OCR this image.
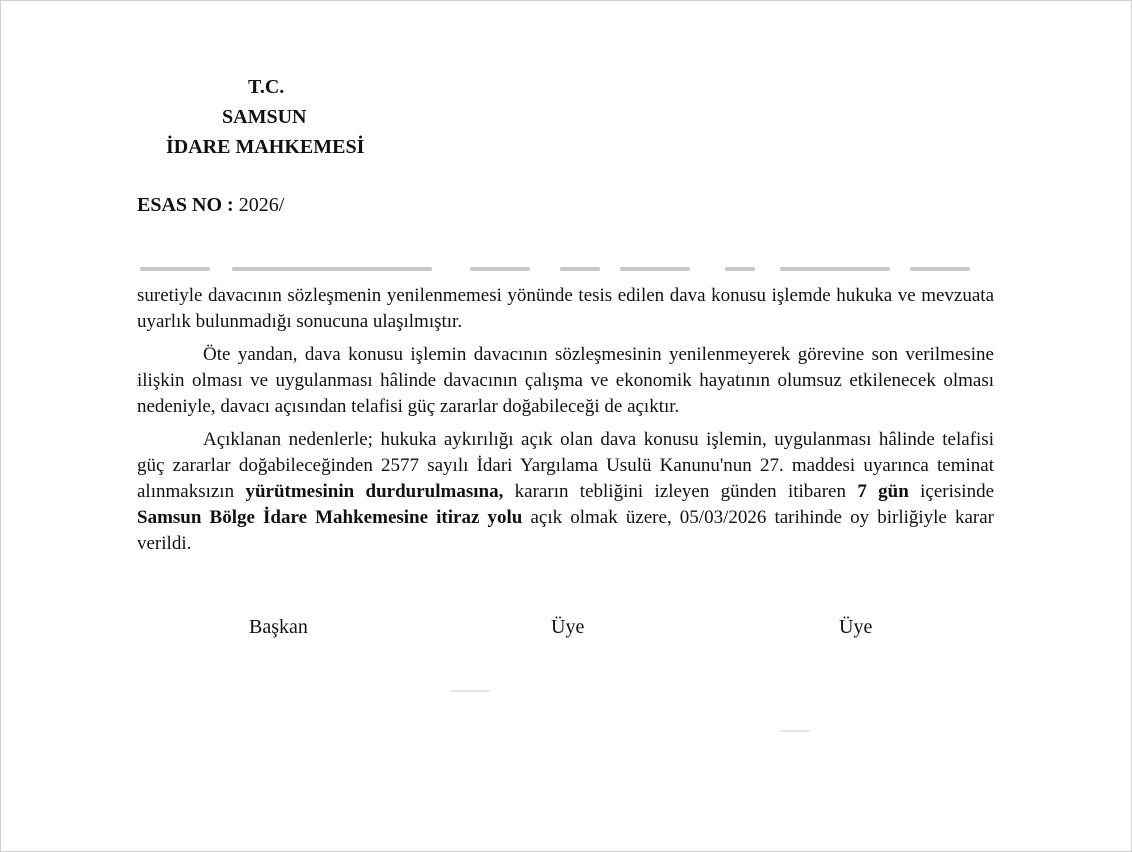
T.C.
SAMSUN
İDARE MAHKEMESİ
ESAS NO : 2026/

suretiyle davacının sözleşmenin yenilenmemesi yönünde tesis edilen dava konusu işlemde hukuka ve mevzuata uyarlık bulunmadığı sonucuna ulaşılmıştır.

Öte yandan, dava konusu işlemin davacının sözleşmesinin yenilenmeyerek görevine son verilmesine ilişkin olması ve uygulanması hâlinde davacının çalışma ve ekonomik hayatının olumsuz etkilenecek olması nedeniyle, davacı açısından telafisi güç zararlar doğabileceği de açıktır.

Açıklanan nedenlerle; hukuka aykırılığı açık olan dava konusu işlemin, uygulanması hâlinde telafisi güç zararlar doğabileceğinden 2577 sayılı İdari Yargılama Usulü Kanunu'nun 27. maddesi uyarınca teminat alınmaksızın yürütmesinin durdurulmasına, kararın tebliğini izleyen günden itibaren 7 gün içerisinde Samsun Bölge İdare Mahkemesine itiraz yolu açık olmak üzere, 05/03/2026 tarihinde oy birliğiyle karar verildi.

Başkan	Üye	Üye
